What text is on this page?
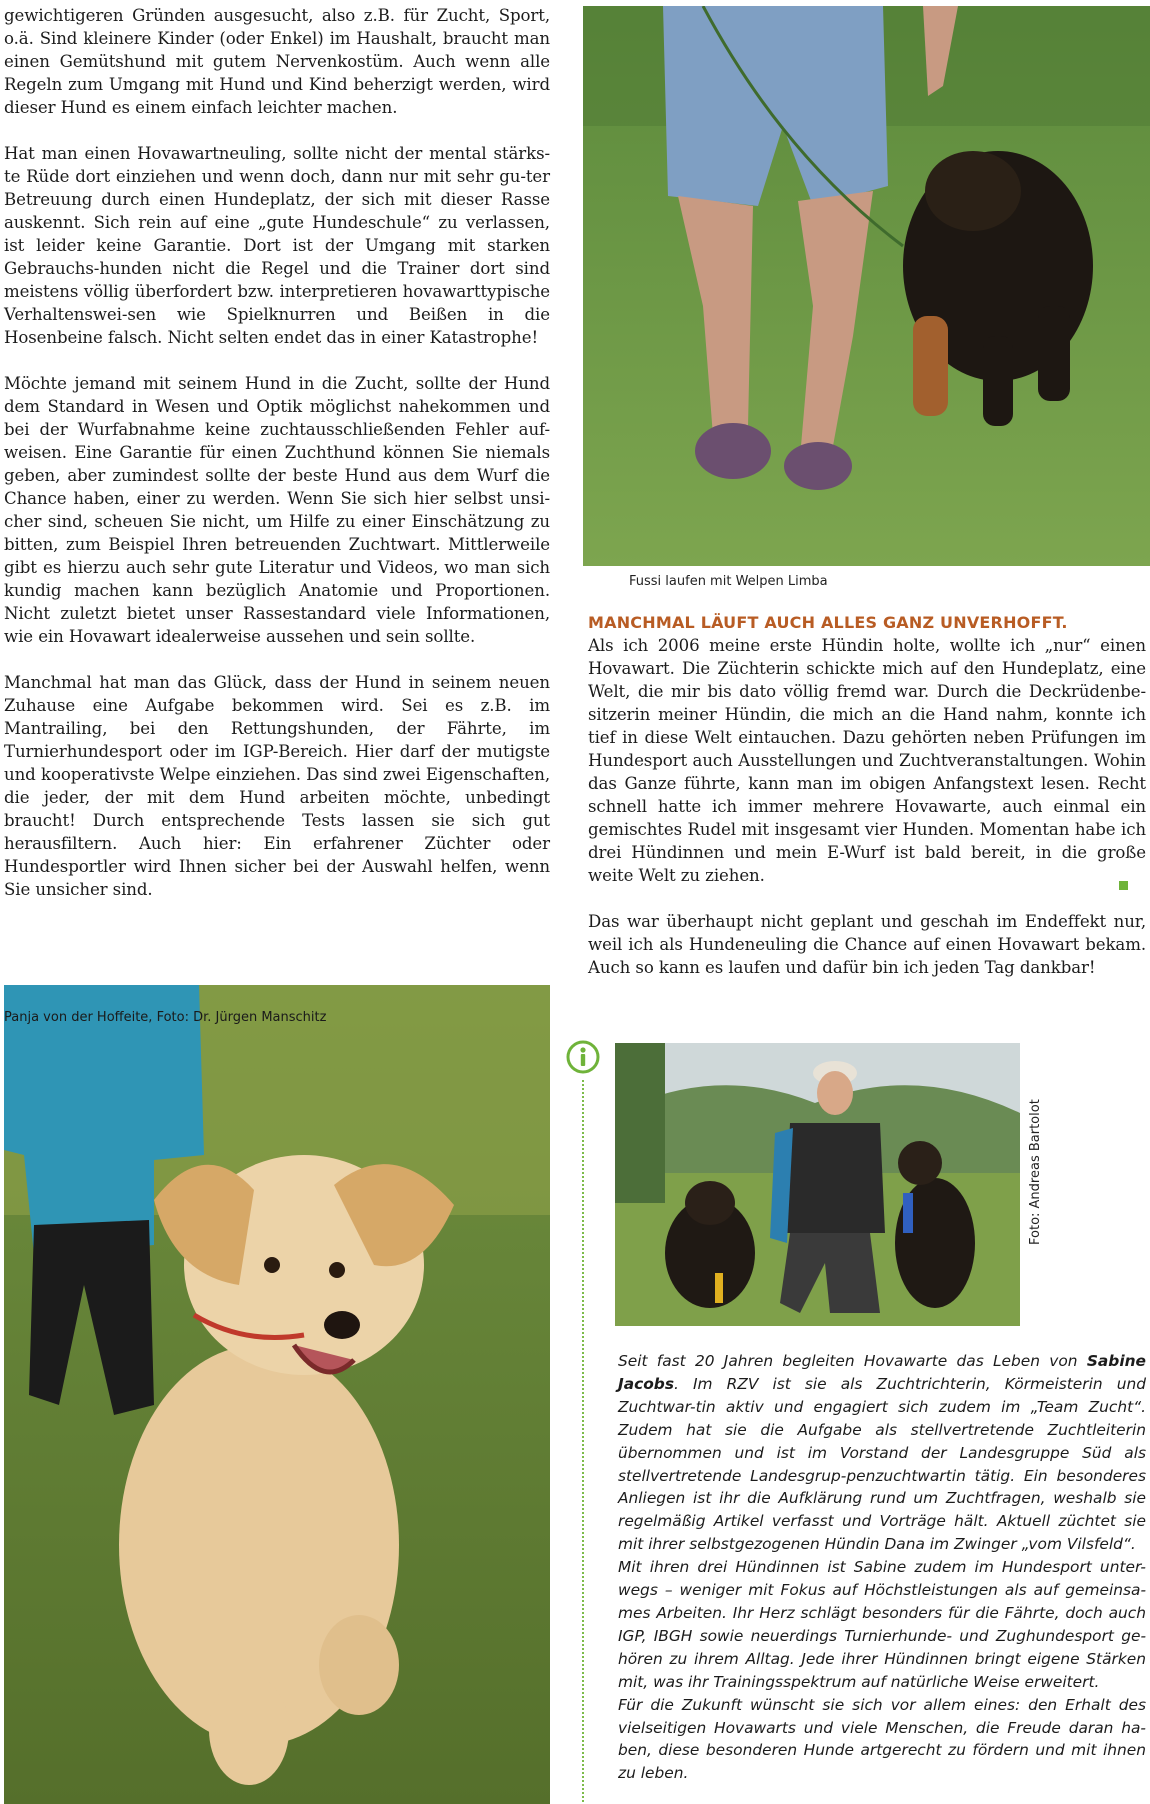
gewichtigeren Gründen ausgesucht, also z.B. für Zucht, Sport, o.ä. Sind kleinere Kinder (oder Enkel) im Haushalt, braucht man einen Gemütshund mit gutem Nervenkostüm. Auch wenn alle Regeln zum Umgang mit Hund und Kind beherzigt werden, wird dieser Hund es einem einfach leichter machen.

Hat man einen Hovawartneuling, sollte nicht der mental stärks-te Rüde dort einziehen und wenn doch, dann nur mit sehr gu-ter Betreuung durch einen Hundeplatz, der sich mit dieser Rasse auskennt. Sich rein auf eine „gute Hundeschule“ zu verlassen, ist leider keine Garantie. Dort ist der Umgang mit starken Gebrauchs-hunden nicht die Regel und die Trainer dort sind meistens völlig überfordert bzw. interpretieren hovawarttypische Verhaltenswei-sen wie Spielknurren und Beißen in die Hosenbeine falsch. Nicht selten endet das in einer Katastrophe!

Möchte jemand mit seinem Hund in die Zucht, sollte der Hund dem Standard in Wesen und Optik möglichst nahekommen und bei der Wurfabnahme keine zuchtausschließenden Fehler auf-weisen. Eine Garantie für einen Zuchthund können Sie niemals geben, aber zumindest sollte der beste Hund aus dem Wurf die Chance haben, einer zu werden. Wenn Sie sich hier selbst unsi-cher sind, scheuen Sie nicht, um Hilfe zu einer Einschätzung zu bitten, zum Beispiel Ihren betreuenden Zuchtwart. Mittlerweile gibt es hierzu auch sehr gute Literatur und Videos, wo man sich kundig machen kann bezüglich Anatomie und Proportionen. Nicht zuletzt bietet unser Rassestandard viele Informationen, wie ein Hovawart idealerweise aussehen und sein sollte.

Manchmal hat man das Glück, dass der Hund in seinem neuen Zuhause eine Aufgabe bekommen wird. Sei es z.B. im Mantrailing, bei den Rettungshunden, der Fährte, im Turnierhundesport oder im IGP-Bereich. Hier darf der mutigste und kooperativste Welpe einziehen. Das sind zwei Eigenschaften, die jeder, der mit dem Hund arbeiten möchte, unbedingt braucht! Durch entsprechende Tests lassen sie sich gut herausfiltern. Auch hier: Ein erfahrener Züchter oder Hundesportler wird Ihnen sicher bei der Auswahl helfen, wenn Sie unsicher sind.

Fussi laufen mit Welpen Limba
Panja von der Hoffeite, Foto: Dr. Jürgen Manschitz
MANCHMAL LÄUFT AUCH ALLES GANZ UNVERHOFFT.

Als ich 2006 meine erste Hündin holte, wollte ich „nur“ einen Hovawart. Die Züchterin schickte mich auf den Hundeplatz, eine Welt, die mir bis dato völlig fremd war. Durch die Deckrüdenbe-sitzerin meiner Hündin, die mich an die Hand nahm, konnte ich tief in diese Welt eintauchen. Dazu gehörten neben Prüfungen im Hundesport auch Ausstellungen und Zuchtveranstaltungen. Wohin das Ganze führte, kann man im obigen Anfangstext lesen. Recht schnell hatte ich immer mehrere Hovawarte, auch einmal ein gemischtes Rudel mit insgesamt vier Hunden. Momentan habe ich drei Hündinnen und mein E-Wurf ist bald bereit, in die große weite Welt zu ziehen.

Das war überhaupt nicht geplant und geschah im Endeffekt nur, weil ich als Hundeneuling die Chance auf einen Hovawart bekam. Auch so kann es laufen und dafür bin ich jeden Tag dankbar!

Foto: Andreas Bartolot

Seit fast 20 Jahren begleiten Hovawarte das Leben von Sabine Jacobs. Im RZV ist sie als Zuchtrichterin, Körmeisterin und Zuchtwar-tin aktiv und engagiert sich zudem im „Team Zucht“. Zudem hat sie die Aufgabe als stellvertretende Zuchtleiterin übernommen und ist im Vorstand der Landesgruppe Süd als stellvertretende Landesgrup-penzuchtwartin tätig. Ein besonderes Anliegen ist ihr die Aufklärung rund um Zuchtfragen, weshalb sie regelmäßig Artikel verfasst und Vorträge hält. Aktuell züchtet sie mit ihrer selbstgezogenen Hündin Dana im Zwinger „vom Vilsfeld“.

Mit ihren drei Hündinnen ist Sabine zudem im Hundesport unter-wegs – weniger mit Fokus auf Höchstleistungen als auf gemeinsa-mes Arbeiten. Ihr Herz schlägt besonders für die Fährte, doch auch IGP, IBGH sowie neuerdings Turnierhunde- und Zughundesport ge-hören zu ihrem Alltag. Jede ihrer Hündinnen bringt eigene Stärken mit, was ihr Trainingsspektrum auf natürliche Weise erweitert.

Für die Zukunft wünscht sie sich vor allem eines: den Erhalt des vielseitigen Hovawarts und viele Menschen, die Freude daran ha-ben, diese besonderen Hunde artgerecht zu fördern und mit ihnen zu leben.
